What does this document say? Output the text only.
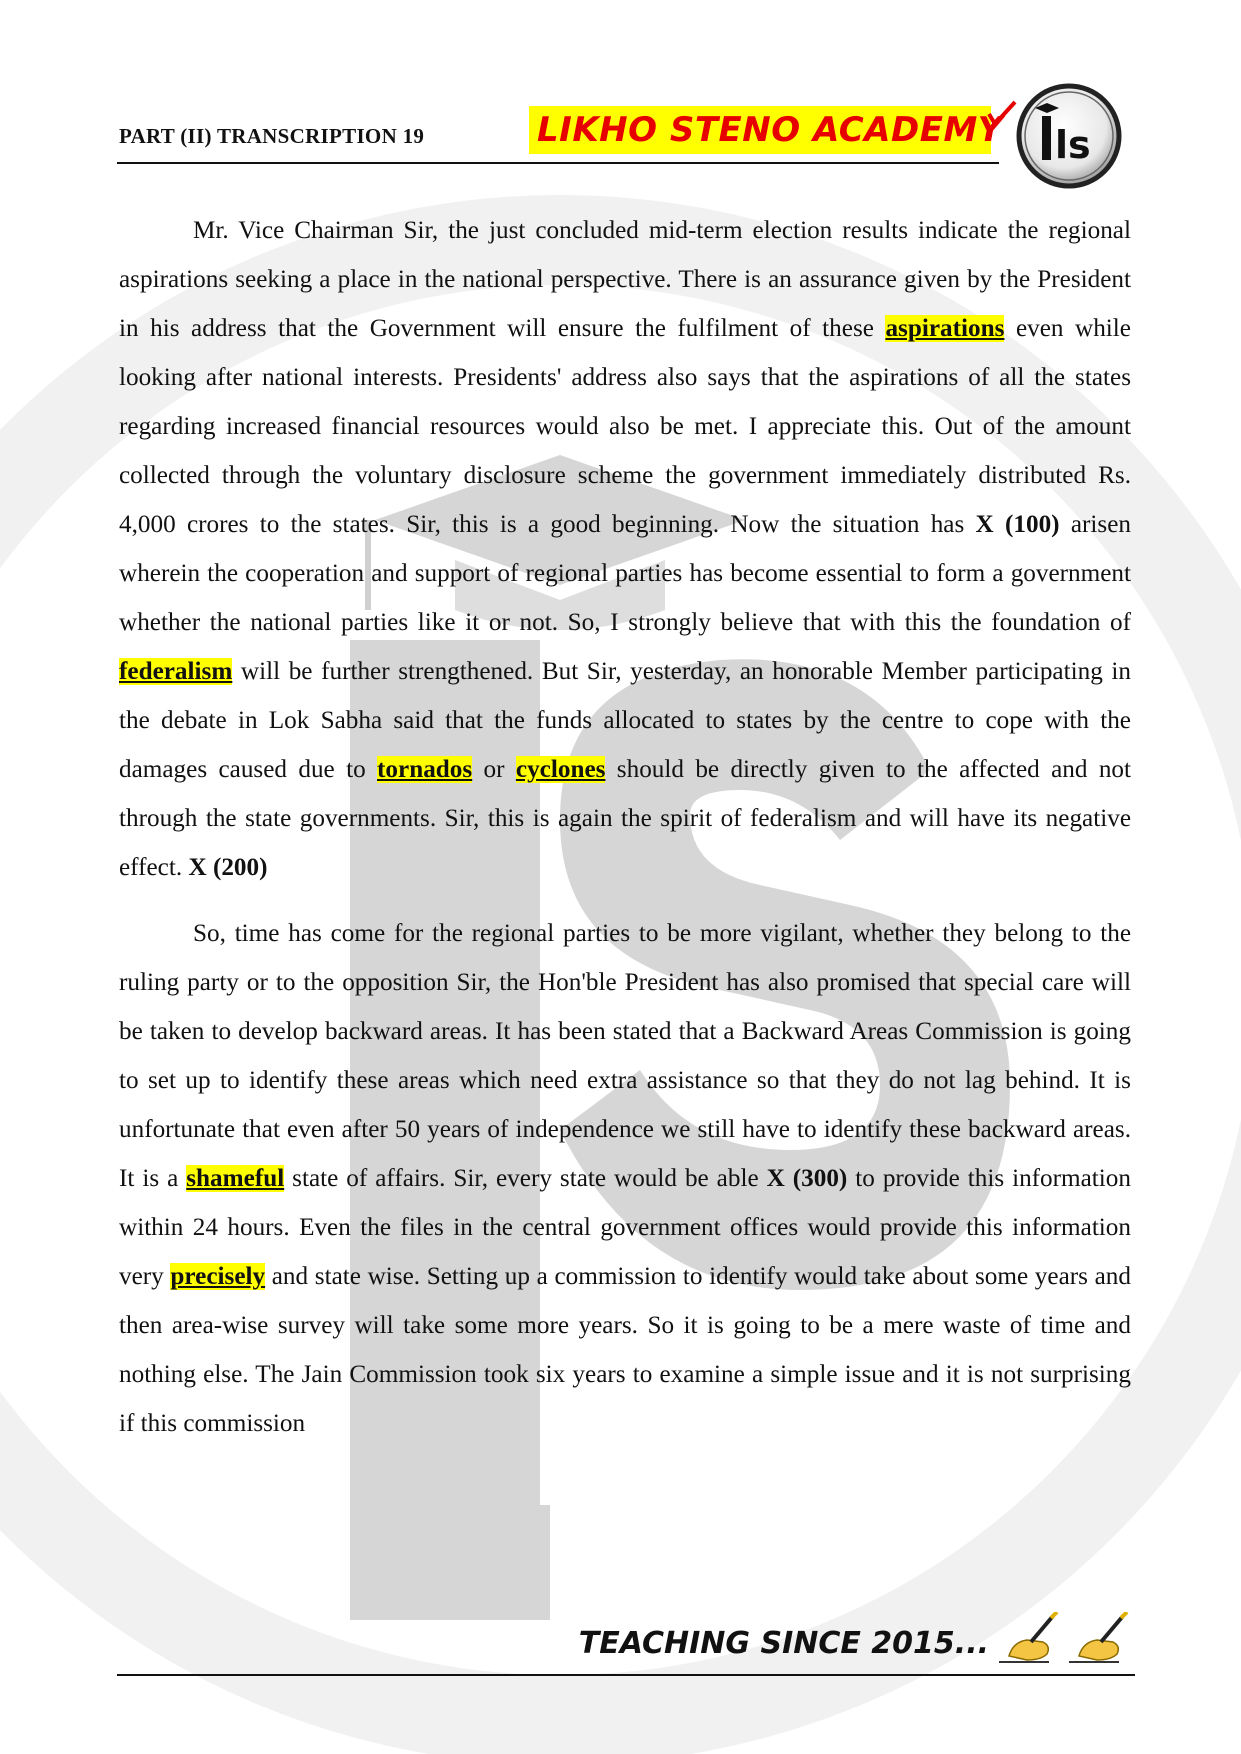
PART (II) TRANSCRIPTION 19	LIKHO STENO ACADEMY ls

Mr. Vice Chairman Sir, the just concluded mid-term election results indicate the regional aspirations seeking a place in the national perspective. There is an assurance given by the President in his address that the Government will ensure the fulfilment of these aspirations even while looking after national interests. Presidents' address also says that the aspirations of all the states regarding increased financial resources would also be met. I appreciate this. Out of the amount collected through the voluntary disclosure scheme the government immediately distributed Rs. 4,000 crores to the states. Sir, this is a good beginning. Now the situation has X (100) arisen wherein the cooperation and support of regional parties has become essential to form a government whether the national parties like it or not. So, I strongly believe that with this the foundation of federalism will be further strengthened. But Sir, yesterday, an honorable Member participating in the debate in Lok Sabha said that the funds allocated to states by the centre to cope with the damages caused due to tornados or cyclones should be directly given to the affected and not through the state governments. Sir, this is again the spirit of federalism and will have its negative effect. X (200)

So, time has come for the regional parties to be more vigilant, whether they belong to the ruling party or to the opposition Sir, the Hon'ble President has also promised that special care will be taken to develop backward areas. It has been stated that a Backward Areas Commission is going to set up to identify these areas which need extra assistance so that they do not lag behind. It is unfortunate that even after 50 years of independence we still have to identify these backward areas. It is a shameful state of affairs. Sir, every state would be able X (300) to provide this information within 24 hours. Even the files in the central government offices would provide this information very precisely and state wise. Setting up a commission to identify would take about some years and then area-wise survey will take some more years. So it is going to be a mere waste of time and nothing else. The Jain Commission took six years to examine a simple issue and it is not surprising if this commission

TEACHING SINCE 2015...
